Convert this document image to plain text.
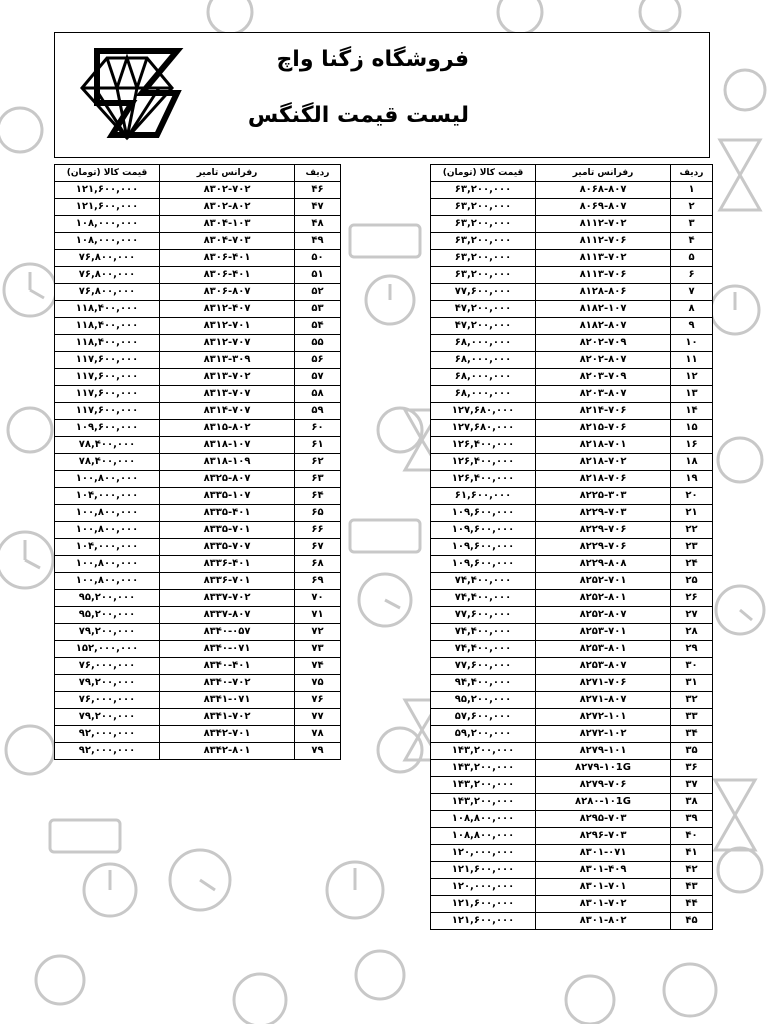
فروشگاه زگنا واچ
لیست قیمت الگنگس
ردیف	رفرانس تامیر	قیمت کالا (تومان)
۴۶	۸۳۰۲-۷۰۲	۱۲۱,۶۰۰,۰۰۰
۴۷	۸۳۰۲-۸۰۲	۱۲۱,۶۰۰,۰۰۰
۴۸	۸۳۰۴-۱۰۳	۱۰۸,۰۰۰,۰۰۰
۴۹	۸۳۰۴-۷۰۳	۱۰۸,۰۰۰,۰۰۰
۵۰	۸۳۰۶-۴۰۱	۷۶,۸۰۰,۰۰۰
۵۱	۸۳۰۶-۴۰۱	۷۶,۸۰۰,۰۰۰
۵۲	۸۳۰۶-۸۰۷	۷۶,۸۰۰,۰۰۰
۵۳	۸۳۱۲-۴۰۷	۱۱۸,۴۰۰,۰۰۰
۵۴	۸۳۱۲-۷۰۱	۱۱۸,۴۰۰,۰۰۰
۵۵	۸۳۱۲-۷۰۷	۱۱۸,۴۰۰,۰۰۰
۵۶	۸۳۱۳-۳۰۹	۱۱۷,۶۰۰,۰۰۰
۵۷	۸۳۱۳-۷۰۲	۱۱۷,۶۰۰,۰۰۰
۵۸	۸۳۱۳-۷۰۷	۱۱۷,۶۰۰,۰۰۰
۵۹	۸۳۱۴-۷۰۷	۱۱۷,۶۰۰,۰۰۰
۶۰	۸۳۱۵-۸۰۲	۱۰۹,۶۰۰,۰۰۰
۶۱	۸۳۱۸-۱۰۷	۷۸,۴۰۰,۰۰۰
۶۲	۸۳۱۸-۱۰۹	۷۸,۴۰۰,۰۰۰
۶۳	۸۳۲۵-۸۰۷	۱۰۰,۸۰۰,۰۰۰
۶۴	۸۳۳۵-۱۰۷	۱۰۴,۰۰۰,۰۰۰
۶۵	۸۳۳۵-۴۰۱	۱۰۰,۸۰۰,۰۰۰
۶۶	۸۳۳۵-۷۰۱	۱۰۰,۸۰۰,۰۰۰
۶۷	۸۳۳۵-۷۰۷	۱۰۴,۰۰۰,۰۰۰
۶۸	۸۳۳۶-۴۰۱	۱۰۰,۸۰۰,۰۰۰
۶۹	۸۳۳۶-۷۰۱	۱۰۰,۸۰۰,۰۰۰
۷۰	۸۳۳۷-۷۰۲	۹۵,۲۰۰,۰۰۰
۷۱	۸۳۳۷-۸۰۷	۹۵,۲۰۰,۰۰۰
۷۲	۸۳۴۰-۰۵۷	۷۹,۲۰۰,۰۰۰
۷۳	۸۳۴۰-۰۷۱	۱۵۲,۰۰۰,۰۰۰
۷۴	۸۳۴۰-۴۰۱	۷۶,۰۰۰,۰۰۰
۷۵	۸۳۴۰-۷۰۲	۷۹,۲۰۰,۰۰۰
۷۶	۸۳۴۱-۰۷۱	۷۶,۰۰۰,۰۰۰
۷۷	۸۳۴۱-۷۰۲	۷۹,۲۰۰,۰۰۰
۷۸	۸۳۴۲-۷۰۱	۹۲,۰۰۰,۰۰۰
۷۹	۸۳۴۲-۸۰۱	۹۲,۰۰۰,۰۰۰
ردیف	رفرانس تامیر	قیمت کالا (تومان)
۱	۸۰۶۸-۸۰۷	۶۳,۲۰۰,۰۰۰
۲	۸۰۶۹-۸۰۷	۶۳,۲۰۰,۰۰۰
۳	۸۱۱۲-۷۰۲	۶۳,۲۰۰,۰۰۰
۴	۸۱۱۲-۷۰۶	۶۳,۲۰۰,۰۰۰
۵	۸۱۱۳-۷۰۲	۶۳,۲۰۰,۰۰۰
۶	۸۱۱۳-۷۰۶	۶۳,۲۰۰,۰۰۰
۷	۸۱۲۸-۸۰۶	۷۷,۶۰۰,۰۰۰
۸	۸۱۸۲-۱۰۷	۴۷,۲۰۰,۰۰۰
۹	۸۱۸۲-۸۰۷	۴۷,۲۰۰,۰۰۰
۱۰	۸۲۰۲-۷۰۹	۶۸,۰۰۰,۰۰۰
۱۱	۸۲۰۲-۸۰۷	۶۸,۰۰۰,۰۰۰
۱۲	۸۲۰۳-۷۰۹	۶۸,۰۰۰,۰۰۰
۱۳	۸۲۰۳-۸۰۷	۶۸,۰۰۰,۰۰۰
۱۴	۸۲۱۴-۷۰۶	۱۲۷,۶۸۰,۰۰۰
۱۵	۸۲۱۵-۷۰۶	۱۲۷,۶۸۰,۰۰۰
۱۶	۸۲۱۸-۷۰۱	۱۲۶,۴۰۰,۰۰۰
۱۸	۸۲۱۸-۷۰۲	۱۲۶,۴۰۰,۰۰۰
۱۹	۸۲۱۸-۷۰۶	۱۲۶,۴۰۰,۰۰۰
۲۰	۸۲۲۵-۳۰۳	۶۱,۶۰۰,۰۰۰
۲۱	۸۲۲۹-۷۰۳	۱۰۹,۶۰۰,۰۰۰
۲۲	۸۲۲۹-۷۰۶	۱۰۹,۶۰۰,۰۰۰
۲۳	۸۲۲۹-۷۰۶	۱۰۹,۶۰۰,۰۰۰
۲۴	۸۲۲۹-۸۰۸	۱۰۹,۶۰۰,۰۰۰
۲۵	۸۲۵۲-۷۰۱	۷۴,۴۰۰,۰۰۰
۲۶	۸۲۵۲-۸۰۱	۷۴,۴۰۰,۰۰۰
۲۷	۸۲۵۲-۸۰۷	۷۷,۶۰۰,۰۰۰
۲۸	۸۲۵۳-۷۰۱	۷۴,۴۰۰,۰۰۰
۲۹	۸۲۵۳-۸۰۱	۷۴,۴۰۰,۰۰۰
۳۰	۸۲۵۳-۸۰۷	۷۷,۶۰۰,۰۰۰
۳۱	۸۲۷۱-۷۰۶	۹۴,۴۰۰,۰۰۰
۳۲	۸۲۷۱-۸۰۷	۹۵,۲۰۰,۰۰۰
۳۳	۸۲۷۲-۱۰۱	۵۷,۶۰۰,۰۰۰
۳۴	۸۲۷۲-۱۰۲	۵۹,۲۰۰,۰۰۰
۳۵	۸۲۷۹-۱۰۱	۱۴۳,۲۰۰,۰۰۰
۳۶	۸۲۷۹-۱۰1G	۱۴۳,۲۰۰,۰۰۰
۳۷	۸۲۷۹-۷۰۶	۱۴۳,۲۰۰,۰۰۰
۳۸	۸۲۸۰-۱۰1G	۱۴۳,۲۰۰,۰۰۰
۳۹	۸۲۹۵-۷۰۳	۱۰۸,۸۰۰,۰۰۰
۴۰	۸۲۹۶-۷۰۳	۱۰۸,۸۰۰,۰۰۰
۴۱	۸۳۰۱-۰۷۱	۱۲۰,۰۰۰,۰۰۰
۴۲	۸۳۰۱-۴۰۹	۱۲۱,۶۰۰,۰۰۰
۴۳	۸۳۰۱-۷۰۱	۱۲۰,۰۰۰,۰۰۰
۴۴	۸۳۰۱-۷۰۲	۱۲۱,۶۰۰,۰۰۰
۴۵	۸۳۰۱-۸۰۲	۱۲۱,۶۰۰,۰۰۰
